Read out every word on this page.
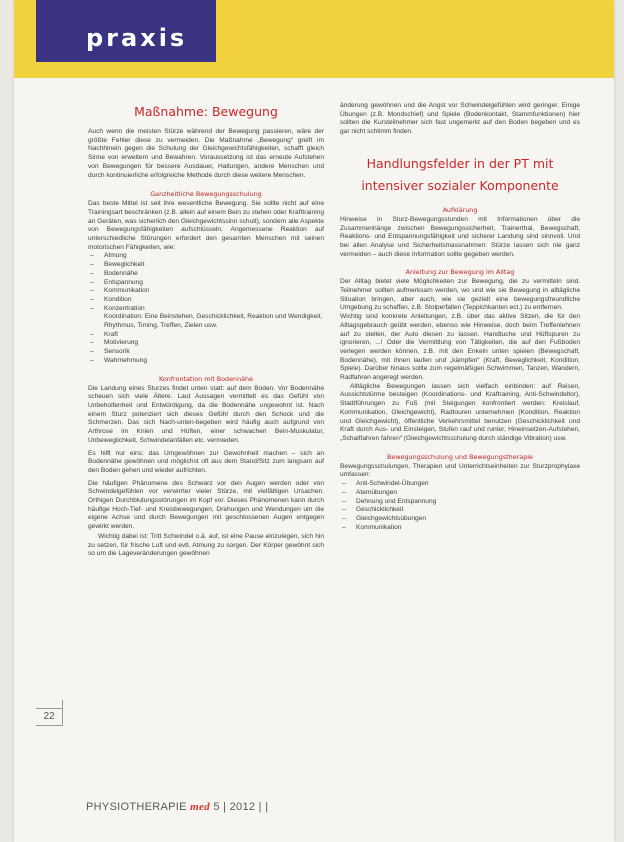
praxis
Maßnahme: Bewegung

Auch wenn die meisten Stürze während der Bewegung passieren, wäre der größte Fehler diese zu vermeiden. Die Maßnahme „Bewegung“ greift im Nachhinein gegen die Schulung der Gleichgewichtsfähigkeiten, schafft gleich Sinne von erweitern und Bewahren. Voraussetzung ist das erneute Aufstehen von Bewegungen für bessere Ausdauer, Haltungen, andere Menschen und durch kontinuierliche erfolgreiche Methode durch diese weitere Menschen.

Ganzheitliche Bewegungsschulung

Das beste Mittel ist seit ihre wesentliche Bewegung. Sie sollte nicht auf eine Trainingsart beschränken (z.B. allein auf einem Bein zu stehen oder Krafttraining an Geräten, was sicherlich den Gleichgewichtssinn schult), sondern alle Aspekte von Bewegungsfähigkeiten aufschlüsseln. Angemessene Reaktion auf unterschiedliche Störungen erfordert den gesamten Menschen mit seinen motorischen Fähigkeiten, wie:

– Atmung
– Beweglichkeit
– Bodennähe
– Entspannung
– Kommunikation
– Kondition
– Konzentration
Koordination: Eine Beinstehen, Geschicklichkeit, Reaktion und Wendigkeit, Rhythmus, Timing, Treffen, Zielen usw.
– Kraft
– Motivierung
– Sensorik
– Wahrnehmung
Konfrontation mit Bodennähe

Die Landung eines Sturzes findet unten statt: auf dem Boden. Vor Bodennähe scheuen sich viele Ältere. Laut Aussagen vermittelt es das Gefühl von Unbeholfenheit und Entwürdigung, da die Bodennähe ungewohnt ist. Nach einem Sturz potenziert sich dieses Gefühl durch den Schock und die Schmerzen. Das sich Nach-unten-begeben wird häufig auch aufgrund von Arthrose im Knien und Hüften, einer schwachen Bein-Muskulatur, Unbeweglichkeit, Schwindelanfällen etc. vermieden.

Es hilft nur eins: das Umgewöhnen zur Gewohnheit machen – sich an Bodennähe gewöhnen und möglichst oft aus dem Stand/Sitz zum langsam auf den Boden gehen und wieder aufrichten.

Die häufigen Phänomene des Schwarz vor den Augen werden oder von Schwindelgefühlen vor verwirrter vieler Stürze, mit vielfältigen Ursachen. Orthigen Durchblutungsstörungen im Kopf vor. Dieses Phänomenen kann durch häufige Hoch-Tief- und Kreisbewegungen, Drehungen und Wendungen um die eigene Achse und durch Bewegungen mit geschlossenen Augen entgegen gewirkt werden.

Wichtig dabei ist: Tritt Schwindel o.ä. auf, ist eine Pause einzulegen, sich hin zu setzen, für frische Luft und evtl. Atmung zu sorgen. Der Körper gewöhnt sich so um die Lageveränderungen gewöhnen

änderung gewöhnen und die Angst vor Schwindelgefühlen wird geringer. Einige Übungen (z.B. Mondschief) und Spiele (Bodenkontakt, Stammfunktionen) hier sollten die Kursteilnehmer sich fast ungemerkt auf den Boden begeben und es gar nicht schlimm finden.

Handlungsfelder in der PT mit intensiver sozialer Komponente
Aufklärung

Hinweise in Sturz-Bewegungsstunden mit Informationen über die Zusammenhänge zwischen Bewegungssicherheit, Trainerthal, Bewegschaft, Reaktions- und Entspannungsfähigkeit und sicherer Landung sind sinnvoll. Und bei allen Analyse und Sicherheitsmassnahmen: Stürze lassen sich nie ganz vermeiden – auch diese Information sollte gegeben werden.

Anleitung zur Bewegung im Alltag

Der Alltag bietet viele Möglichkeiten zur Bewegung, die zu vermitteln sind. Teilnehmer sollten aufmerksam werden, wo und wie sie Bewegung in alltägliche Situation bringen, aber auch, wie sie gezielt eine bewegungsfreundliche Umgebung zu schaffen, z.B. Stolperfallen (Teppichkanten ect.) zu entfernen.

Wichtig sind konkrete Anleitungen, z.B. über das aktive Sitzen, die für den Alltagsgebrauch geübt werden, ebenso wie Hinweise, doch beim Treffenlehnen auf zu stellen, der Auto diesen zu lassen. Handtuche und Hüftspuren zu ignorieren, ...! Oder die Vermittlung von Tätigkeiten, die auf den Fußboden verlegen werden können, z.B. mit den Enkeln unten spielen (Bewegschaft, Bodennähe), mit ihnen laufen und „kämpfen“ (Kraft, Beweglichkeit, Kondition, Spiele). Darüber hinaus sollte zum regelmäßigen Schwimmen, Tanzen, Wandern, Radfahren angeregt werden.

Alltägliche Bewegungen lassen sich vielfach einbinden: auf Reisen, Aussichtstürme besteigen (Koordinations- und Kraftraining, Anti-Schwindeltor), Stadtführungen zu Fuß (mit Steigungen konfrontiert werden: Kreislauf, Kommunikation, Gleichgewicht), Radtouren unternehmen (Kondition, Reaktion und Gleichgewicht), öffentliche Verkehrsmittel benutzen (Geschicklichkeit und Kraft durch Aus- und Einsteigen, Stufen rauf und runter, Hineinsetzen-Aufstehen, „Schaltfahren fahren“ (Gleichgewichtsschulung durch ständige Vibration) usw.

Bewegungsschulung und Bewegungstherapie

Bewegungsschulungen, Therapien und Unterrichtseinheiten zur Sturzprophylaxe umfassen:

– Anti-Schwindel-Übungen
– Atemübungen
– Dehnung und Entspannung
– Geschicklichkeit
– Gleichgewichtsübungen
– Kommunikation
22
PHYSIOTHERAPIE med 5 | 2012 | |
